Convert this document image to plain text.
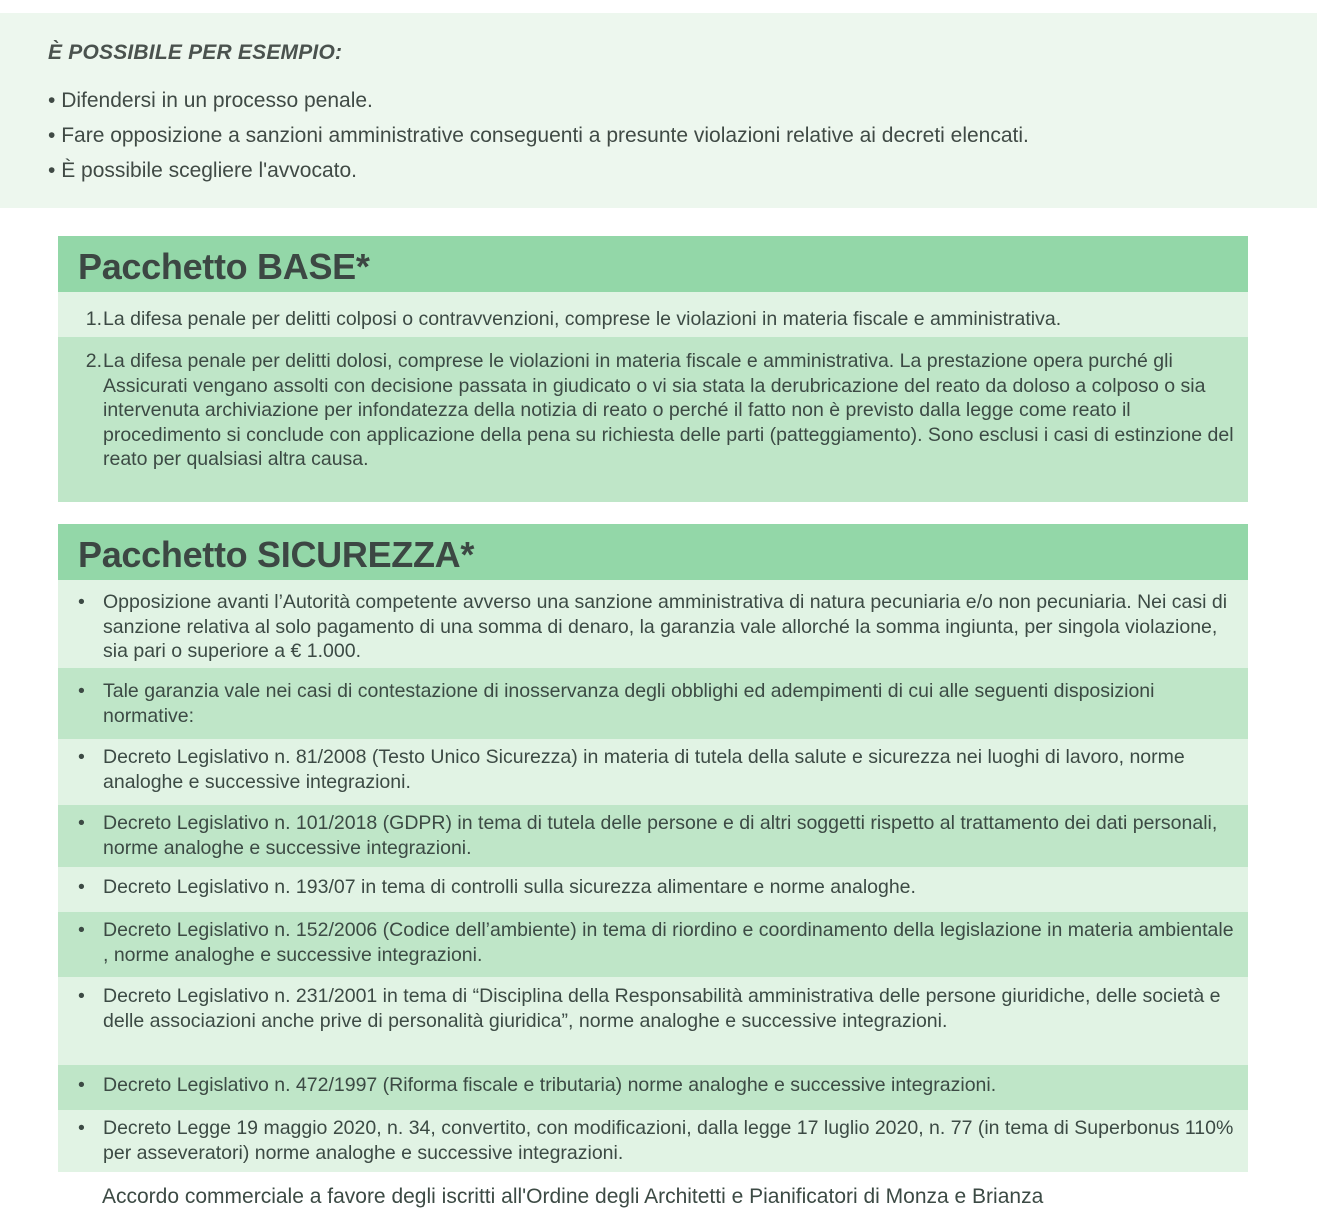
È POSSIBILE PER ESEMPIO:
• Difendersi in un processo penale.
• Fare opposizione a sanzioni amministrative conseguenti a presunte violazioni relative ai decreti elencati.
• È possibile scegliere l'avvocato.
Pacchetto BASE*
1. La difesa penale per delitti colposi o contravvenzioni, comprese le violazioni in materia fiscale e amministrativa.
2. La difesa penale per delitti dolosi, comprese le violazioni in materia fiscale e amministrativa. La prestazione opera purché gli Assicurati vengano assolti con decisione passata in giudicato o vi sia stata la derubricazione del reato da doloso a colposo o sia intervenuta archiviazione per infondatezza della notizia di reato o perché il fatto non è previsto dalla legge come reato il procedimento si conclude con applicazione della pena su richiesta delle parti (patteggiamento). Sono esclusi i casi di estinzione del reato per qualsiasi altra causa.
Pacchetto SICUREZZA*
• Opposizione avanti l’Autorità competente avverso una sanzione amministrativa di natura pecuniaria e/o non pecuniaria. Nei casi di sanzione relativa al solo pagamento di una somma di denaro, la garanzia vale allorché la somma ingiunta, per singola violazione, sia pari o superiore a € 1.000.
• Tale garanzia vale nei casi di contestazione di inosservanza degli obblighi ed adempimenti di cui alle seguenti disposizioni normative:
• Decreto Legislativo n. 81/2008 (Testo Unico Sicurezza) in materia di tutela della salute e sicurezza nei luoghi di lavoro, norme analoghe e successive integrazioni.
• Decreto Legislativo n. 101/2018 (GDPR) in tema di tutela delle persone e di altri soggetti rispetto al trattamento dei dati personali, norme analoghe e successive integrazioni.
• Decreto Legislativo n. 193/07 in tema di controlli sulla sicurezza alimentare e norme analoghe.
• Decreto Legislativo n. 152/2006 (Codice dell’ambiente) in tema di riordino e coordinamento della legislazione in materia ambientale , norme analoghe e successive integrazioni.
• Decreto Legislativo n. 231/2001 in tema di “Disciplina della Responsabilità amministrativa delle persone giuridiche, delle società e delle associazioni anche prive di personalità giuridica”, norme analoghe e successive integrazioni.
• Decreto Legislativo n. 472/1997 (Riforma fiscale e tributaria) norme analoghe e successive integrazioni.
• Decreto Legge 19 maggio 2020, n. 34, convertito, con modificazioni, dalla legge 17 luglio 2020, n. 77 (in tema di Superbonus 110% per asseveratori) norme analoghe e successive integrazioni.
Accordo commerciale a favore degli iscritti all'Ordine degli Architetti e Pianificatori di Monza e Brianza
